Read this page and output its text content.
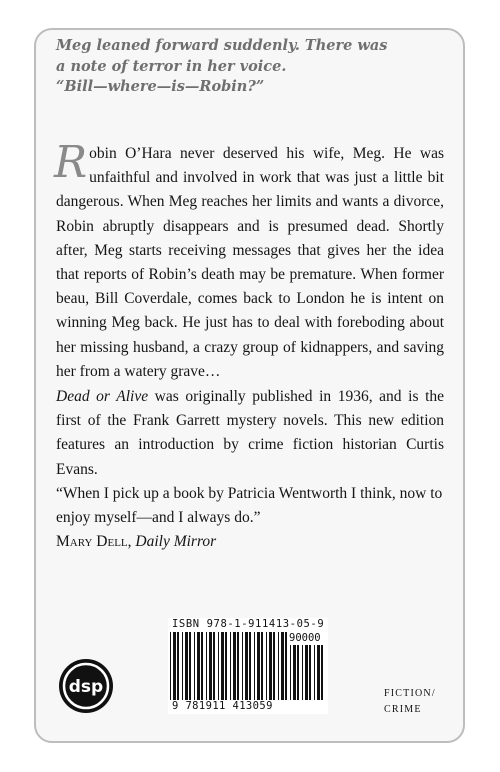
Meg leaned forward suddenly. There was
a note of terror in her voice.
“Bill—where—is—Robin?”
Robin O’Hara never deserved his wife, Meg. He was unfaithful and involved in work that was just a little bit dangerous. When Meg reaches her limits and wants a divorce, Robin abruptly disappears and is presumed dead. Shortly after, Meg starts receiving messages that gives her the idea that reports of Robin’s death may be premature. When former beau, Bill Coverdale, comes back to London he is intent on winning Meg back. He just has to deal with foreboding about her missing husband, a crazy group of kidnappers, and saving her from a watery grave…
Dead or Alive was originally published in 1936, and is the first of the Frank Garrett mystery novels. This new edition features an introduction by crime fiction historian Curtis Evans.
“When I pick up a book by Patricia Wentworth I think, now to enjoy myself—and I always do.”
Mary Dell, Daily Mirror
dsp
ISBN 978-1-911413-05-9
90000
9 781911 413059
FICTION/
CRIME
